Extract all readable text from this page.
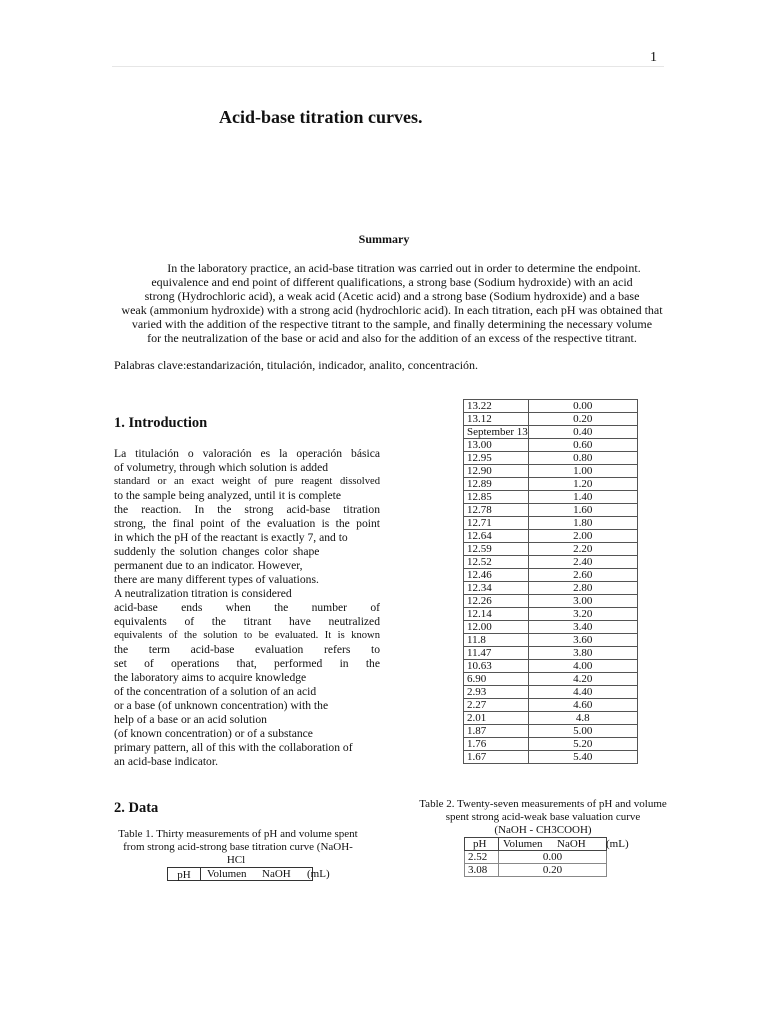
1
Acid-base titration curves.
Summary

In the laboratory practice, an acid-base titration was carried out in order to determine the endpoint.

equivalence and end point of different qualifications, a strong base (Sodium hydroxide) with an acid

strong (Hydrochloric acid), a weak acid (Acetic acid) and a strong base (Sodium hydroxide) and a base

weak (ammonium hydroxide) with a strong acid (hydrochloric acid). In each titration, each pH was obtained that

varied with the addition of the respective titrant to the sample, and finally determining the necessary volume

for the neutralization of the base or acid and also for the addition of an excess of the respective titrant.

Palabras clave:estandarización, titulación, indicador, analito, concentración.
1. Introduction

La titulación o valoración es la operación básica

of volumetry, through which solution is added

standard or an exact weight of pure reagent dissolved

to the sample being analyzed, until it is complete

the reaction. In the strong acid-base titration

strong, the final point of the evaluation is the point

in which the pH of the reactant is exactly 7, and to

suddenly the solution changes color shape

permanent due to an indicator. However,

there are many different types of valuations.

A neutralization titration is considered

acid-base ends when the number of

equivalents of the titrant have neutralized

equivalents of the solution to be evaluated. It is known

the term acid-base evaluation refers to

set of operations that, performed in the

the laboratory aims to acquire knowledge

of the concentration of a solution of an acid

or a base (of unknown concentration) with the

help of a base or an acid solution

(of known concentration) or of a substance

primary pattern, all of this with the collaboration of

an acid-base indicator.

2. Data

Table 1. Thirty measurements of pH and volume spent

from strong acid-strong base titration curve (NaOH-

HCl

pH	Volumen NaOH (mL)
13.22	0.00
13.12	0.20
September 13	0.40
13.00	0.60
12.95	0.80
12.90	1.00
12.89	1.20
12.85	1.40
12.78	1.60
12.71	1.80
12.64	2.00
12.59	2.20
12.52	2.40
12.46	2.60
12.34	2.80
12.26	3.00
12.14	3.20
12.00	3.40
11.8	3.60
11.47	3.80
10.63	4.00
6.90	4.20
2.93	4.40
2.27	4.60
2.01	4.8
1.87	5.00
1.76	5.20
1.67	5.40

Table 2. Twenty-seven measurements of pH and volume

spent strong acid-weak base valuation curve

(NaOH - CH3COOH)

pH	Volumen NaOH (mL)

2.52	0.00
3.08	0.20
